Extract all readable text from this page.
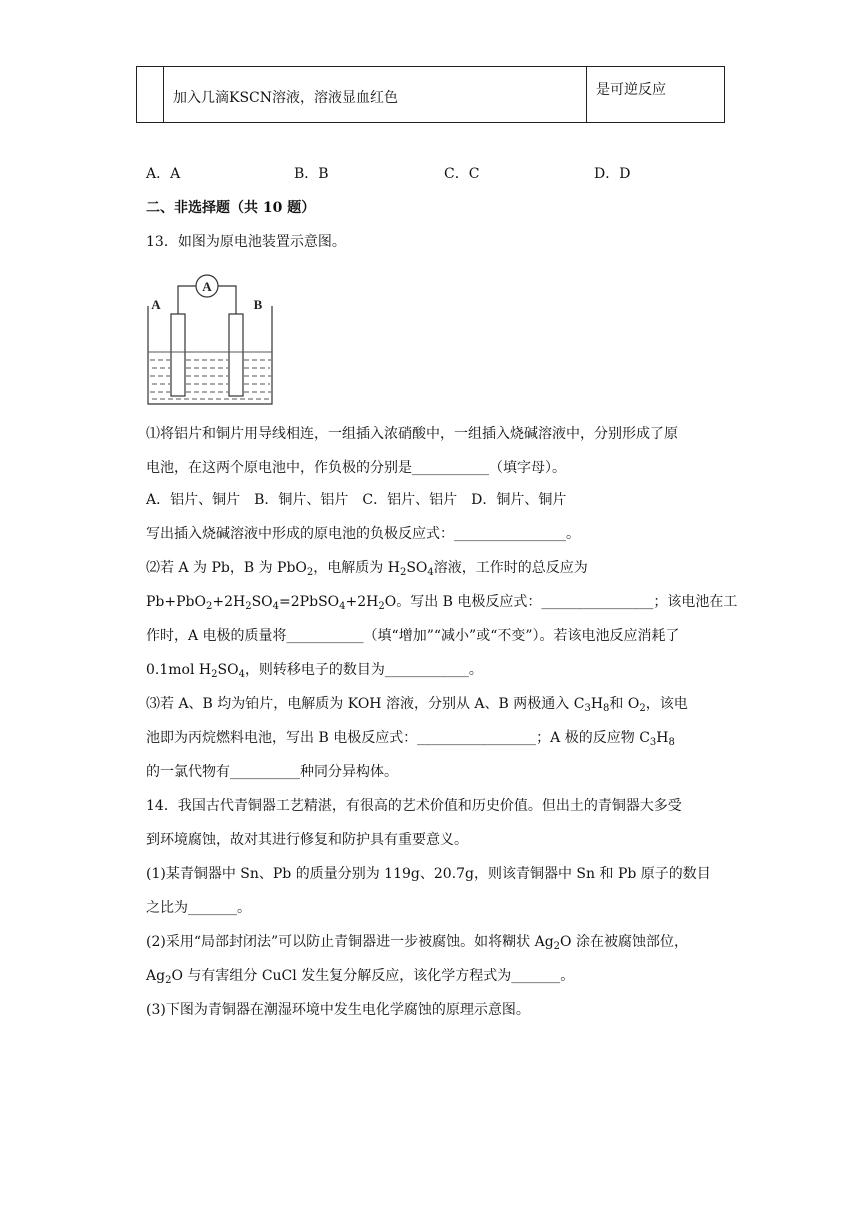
	加入几滴KSCN溶液，溶液显血红色	是可逆反应
A．A	B．B	C．C	D．D
二、非选择题（共 10 题）
13．如图为原电池装置示意图。
A
A	B
⑴将铝片和铜片用导线相连，一组插入浓硝酸中，一组插入烧碱溶液中，分别形成了原
电池，在这两个原电池中，作负极的分别是___________（填字母）。
A．铝片、铜片　B．铜片、铝片　C．铝片、铝片　D．铜片、铜片
写出插入烧碱溶液中形成的原电池的负极反应式：________________。
⑵若 A 为 Pb，B 为 PbO$_2$，电解质为 $H_2SO_4$溶液，工作时的总反应为
$Pb+PbO_2+2H_2SO_4=2PbSO_4+2H_2O$。写出 B 电极反应式：________________；该电池在工
作时，A 电极的质量将___________（填“增加”“减小”或“不变”）。若该电池反应消耗了
0.1mol $H_2SO_4$，则转移电子的数目为____________。
⑶若 A、B 均为铂片，电解质为 KOH 溶液，分别从 A、B 两极通入 $C_3H_8$和 $O_2$，该电
池即为丙烷燃料电池，写出 B 电极反应式：_________________；A 极的反应物 $C_3H_8$
的一氯代物有__________种同分异构体。
14．我国古代青铜器工艺精湛，有很高的艺术价值和历史价值。但出土的青铜器大多受
到环境腐蚀，故对其进行修复和防护具有重要意义。
(1)某青铜器中 Sn、Pb 的质量分别为 119g、20.7g，则该青铜器中 Sn 和 Pb 原子的数目
之比为_______。
(2)采用“局部封闭法”可以防止青铜器进一步被腐蚀。如将糊状 $Ag_2O$ 涂在被腐蚀部位，
$Ag_2O$ 与有害组分 CuCl 发生复分解反应，该化学方程式为_______。
(3)下图为青铜器在潮湿环境中发生电化学腐蚀的原理示意图。
